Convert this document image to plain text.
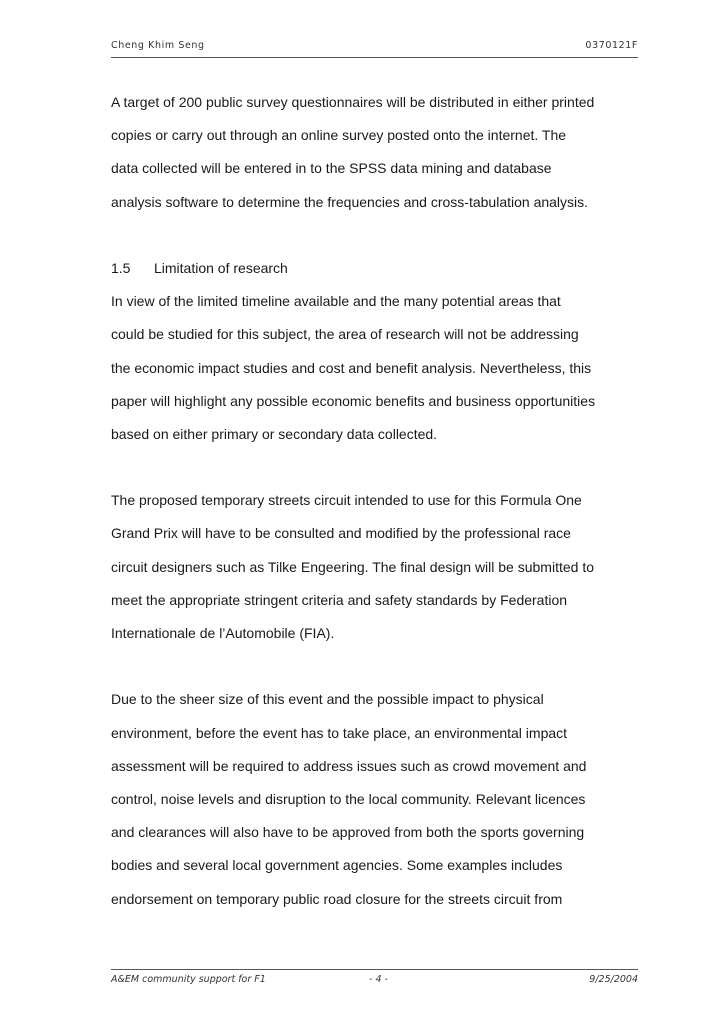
Cheng Khim Seng	0370121F
A target of 200 public survey questionnaires will be distributed in either printed
copies or carry out through an online survey posted onto the internet. The
data collected will be entered in to the SPSS data mining and database
analysis software to determine the frequencies and cross-tabulation analysis.
1.5 Limitation of research
In view of the limited timeline available and the many potential areas that
could be studied for this subject, the area of research will not be addressing
the economic impact studies and cost and benefit analysis. Nevertheless, this
paper will highlight any possible economic benefits and business opportunities
based on either primary or secondary data collected.
The proposed temporary streets circuit intended to use for this Formula One
Grand Prix will have to be consulted and modified by the professional race
circuit designers such as Tilke Engeering. The final design will be submitted to
meet the appropriate stringent criteria and safety standards by Federation
Internationale de l’Automobile (FIA).
Due to the sheer size of this event and the possible impact to physical
environment, before the event has to take place, an environmental impact
assessment will be required to address issues such as crowd movement and
control, noise levels and disruption to the local community. Relevant licences
and clearances will also have to be approved from both the sports governing
bodies and several local government agencies. Some examples includes
endorsement on temporary public road closure for the streets circuit from
A&EM community support for F1	- 4 -	9/25/2004
